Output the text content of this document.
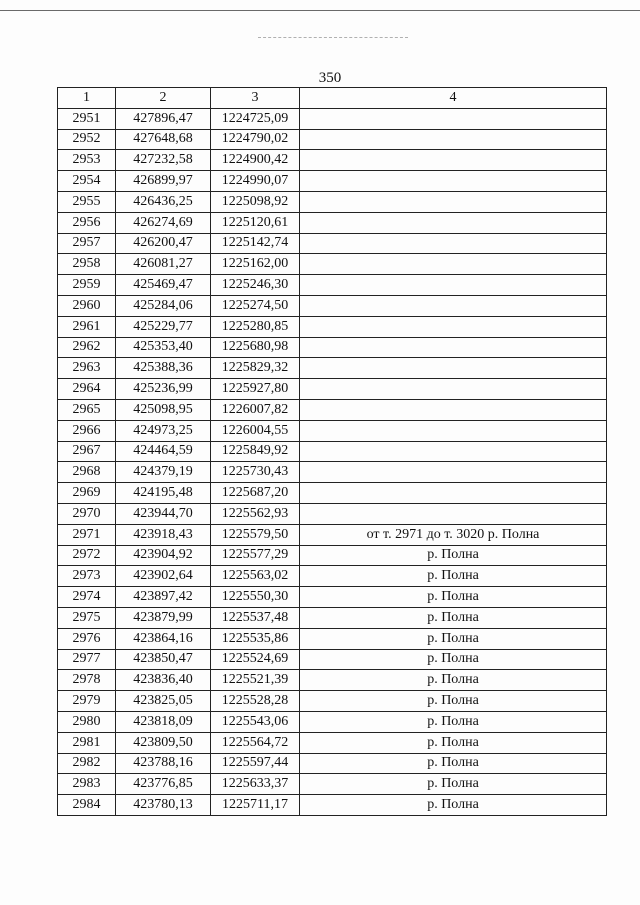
350
1	2	3	4
2951	427896,47	1224725,09	
2952	427648,68	1224790,02	
2953	427232,58	1224900,42	
2954	426899,97	1224990,07	
2955	426436,25	1225098,92	
2956	426274,69	1225120,61	
2957	426200,47	1225142,74	
2958	426081,27	1225162,00	
2959	425469,47	1225246,30	
2960	425284,06	1225274,50	
2961	425229,77	1225280,85	
2962	425353,40	1225680,98	
2963	425388,36	1225829,32	
2964	425236,99	1225927,80	
2965	425098,95	1226007,82	
2966	424973,25	1226004,55	
2967	424464,59	1225849,92	
2968	424379,19	1225730,43	
2969	424195,48	1225687,20	
2970	423944,70	1225562,93	
2971	423918,43	1225579,50	от т. 2971 до т. 3020 р. Полна
2972	423904,92	1225577,29	р. Полна
2973	423902,64	1225563,02	р. Полна
2974	423897,42	1225550,30	р. Полна
2975	423879,99	1225537,48	р. Полна
2976	423864,16	1225535,86	р. Полна
2977	423850,47	1225524,69	р. Полна
2978	423836,40	1225521,39	р. Полна
2979	423825,05	1225528,28	р. Полна
2980	423818,09	1225543,06	р. Полна
2981	423809,50	1225564,72	р. Полна
2982	423788,16	1225597,44	р. Полна
2983	423776,85	1225633,37	р. Полна
2984	423780,13	1225711,17	р. Полна
